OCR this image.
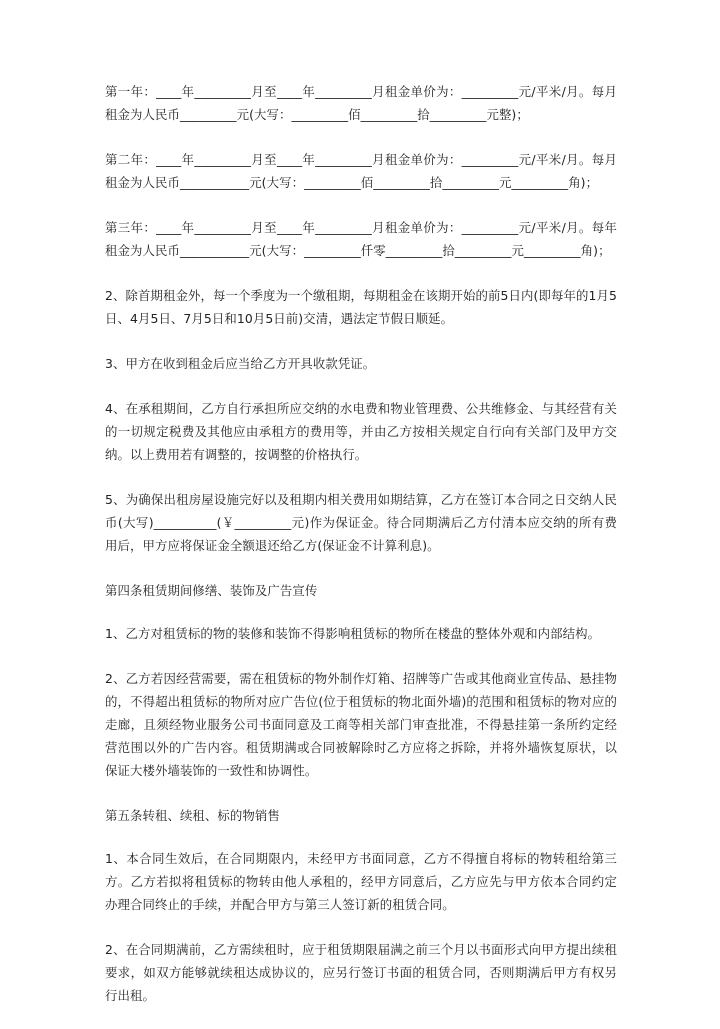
第一年：____年_________月至____年_________月租金单价为：_________元/平米/月。每月租金为人民币_________元(大写：_________佰_________拾_________元整)；

第二年：____年_________月至____年_________月租金单价为：_________元/平米/月。每月租金为人民币___________元(大写：_________佰_________拾_________元_________角)；

第三年：____年_________月至____年_________月租金单价为：_________元/平米/月。每年租金为人民币___________元(大写：_________仟零_________拾_________元_________角)；

2、除首期租金外，每一个季度为一个缴租期，每期租金在该期开始的前5日内(即每年的1月5日、4月5日、7月5日和10月5日前)交清，遇法定节假日顺延。

3、甲方在收到租金后应当给乙方开具收款凭证。

4、在承租期间，乙方自行承担所应交纳的水电费和物业管理费、公共维修金、与其经营有关的一切规定税费及其他应由承租方的费用等，并由乙方按相关规定自行向有关部门及甲方交纳。以上费用若有调整的，按调整的价格执行。

5、为确保出租房屋设施完好以及租期内相关费用如期结算，乙方在签订本合同之日交纳人民币(大写)__________(￥_________元)作为保证金。待合同期满后乙方付清本应交纳的所有费用后，甲方应将保证金全额退还给乙方(保证金不计算利息)。

第四条租赁期间修缮、装饰及广告宣传

1、乙方对租赁标的物的装修和装饰不得影响租赁标的物所在楼盘的整体外观和内部结构。

2、乙方若因经营需要，需在租赁标的物外制作灯箱、招牌等广告或其他商业宣传品、悬挂物的，不得超出租赁标的物所对应广告位(位于租赁标的物北面外墙)的范围和租赁标的物对应的走廊，且须经物业服务公司书面同意及工商等相关部门审查批准，不得悬挂第一条所约定经营范围以外的广告内容。租赁期满或合同被解除时乙方应将之拆除，并将外墙恢复原状，以保证大楼外墙装饰的一致性和协调性。

第五条转租、续租、标的物销售

1、本合同生效后，在合同期限内，未经甲方书面同意，乙方不得擅自将标的物转租给第三方。乙方若拟将租赁标的物转由他人承租的，经甲方同意后，乙方应先与甲方依本合同约定办理合同终止的手续，并配合甲方与第三人签订新的租赁合同。

2、在合同期满前，乙方需续租时，应于租赁期限届满之前三个月以书面形式向甲方提出续租要求，如双方能够就续租达成协议的，应另行签订书面的租赁合同，否则期满后甲方有权另行出租。
